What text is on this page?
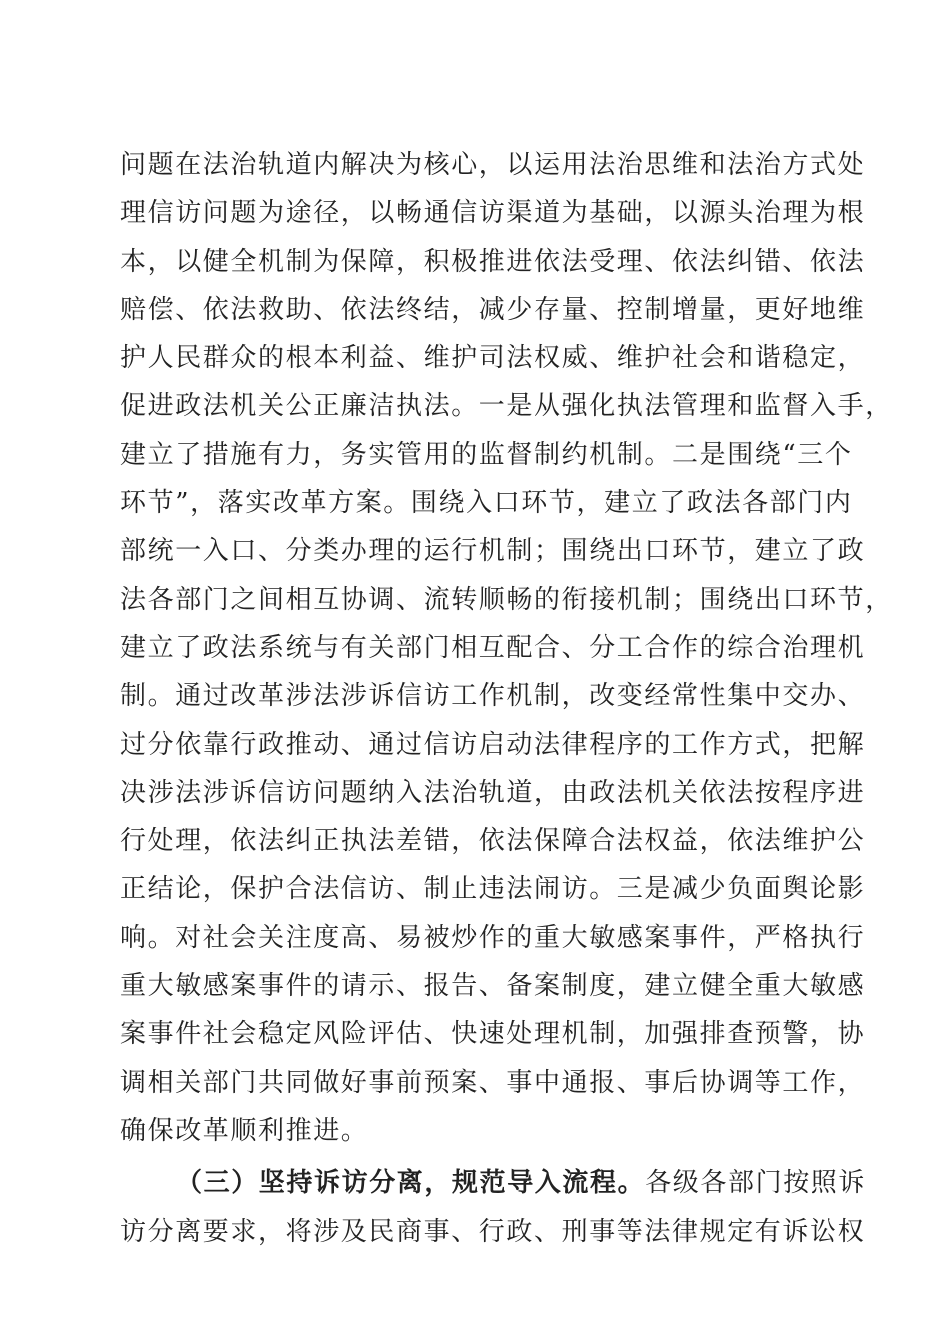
问题在法治轨道内解决为核心，以运用法治思维和法治方式处
理信访问题为途径，以畅通信访渠道为基础，以源头治理为根
本，以健全机制为保障，积极推进依法受理、依法纠错、依法
赔偿、依法救助、依法终结，减少存量、控制增量，更好地维
护人民群众的根本利益、维护司法权威、维护社会和谐稳定，
促进政法机关公正廉洁执法。一是从强化执法管理和监督入手，
建立了措施有力，务实管用的监督制约机制。二是围绕“三个
环节”，落实改革方案。围绕入口环节，建立了政法各部门内
部统一入口、分类办理的运行机制；围绕出口环节，建立了政
法各部门之间相互协调、流转顺畅的衔接机制；围绕出口环节，
建立了政法系统与有关部门相互配合、分工合作的综合治理机
制。通过改革涉法涉诉信访工作机制，改变经常性集中交办、
过分依靠行政推动、通过信访启动法律程序的工作方式，把解
决涉法涉诉信访问题纳入法治轨道，由政法机关依法按程序进
行处理，依法纠正执法差错，依法保障合法权益，依法维护公
正结论，保护合法信访、制止违法闹访。三是减少负面舆论影
响。对社会关注度高、易被炒作的重大敏感案事件，严格执行
重大敏感案事件的请示、报告、备案制度，建立健全重大敏感
案事件社会稳定风险评估、快速处理机制，加强排查预警，协
调相关部门共同做好事前预案、事中通报、事后协调等工作，
确保改革顺利推进。
（三）坚持诉访分离，规范导入流程。各级各部门按照诉
访分离要求，将涉及民商事、行政、刑事等法律规定有诉讼权
